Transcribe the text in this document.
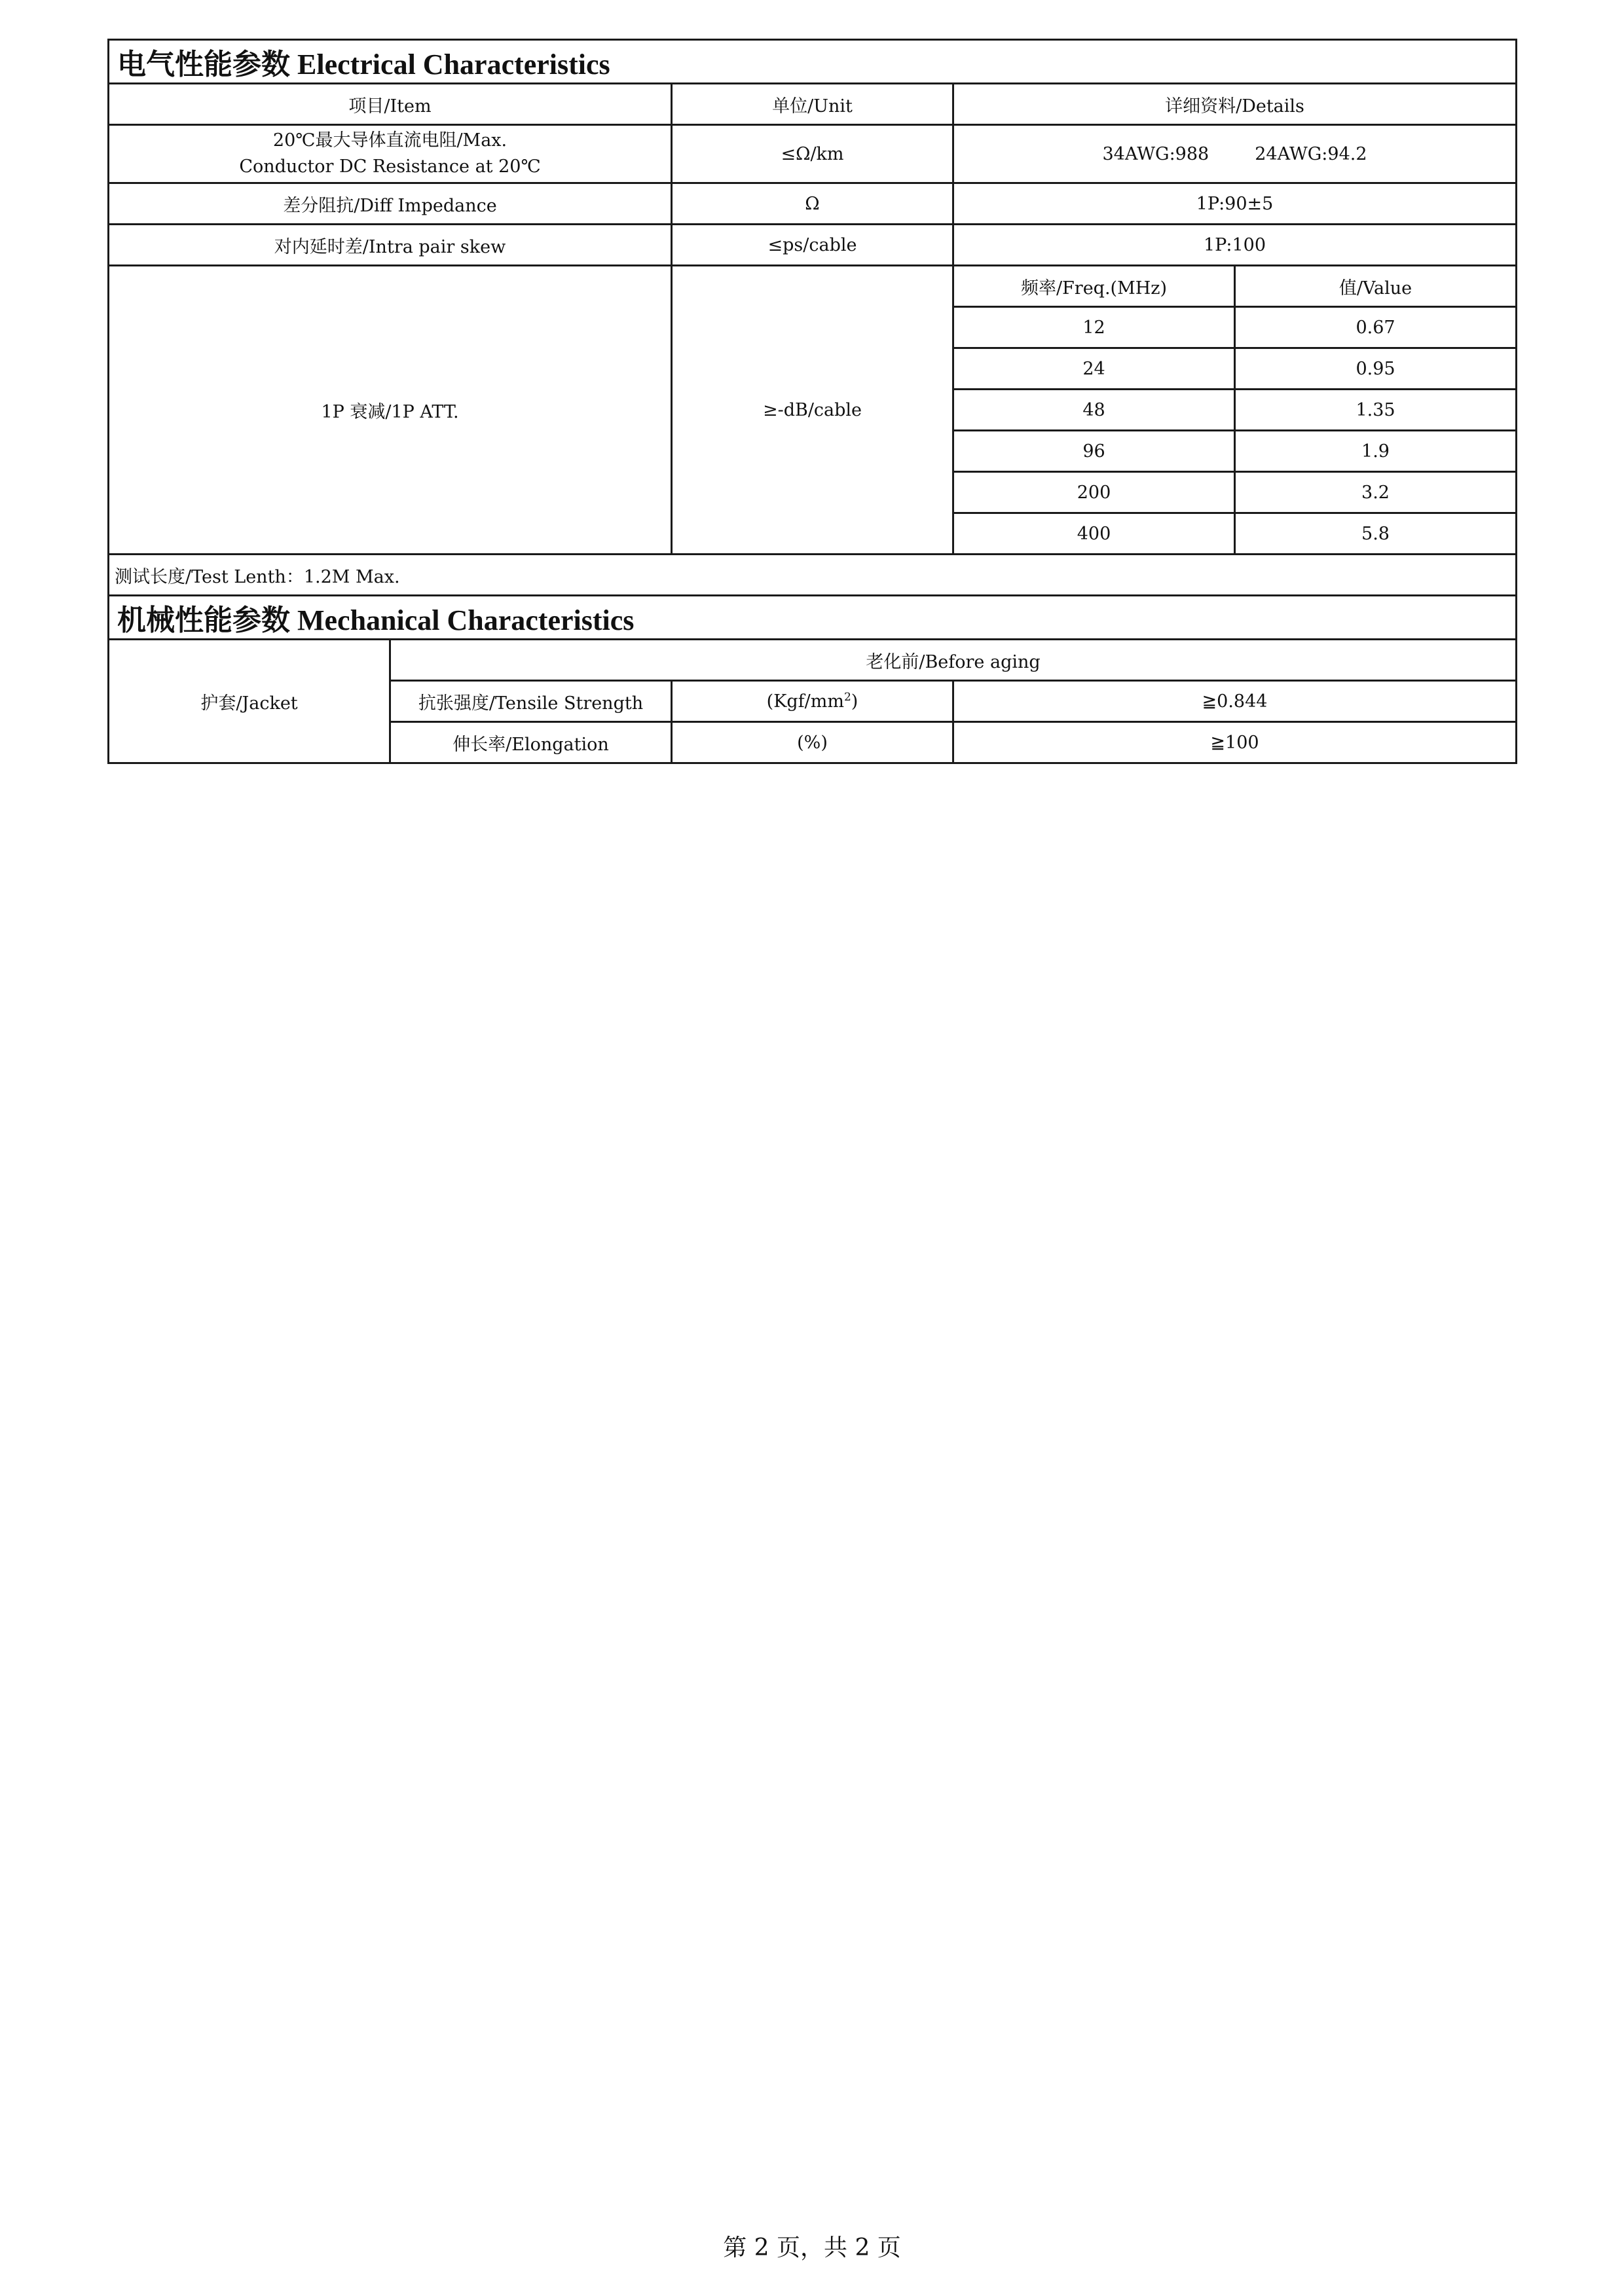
电气性能参数 Electrical Characteristics				
项目/Item		单位/Unit	详细资料/Details	

20℃最大导体直流电阻/Max.
Conductor DC Resistance at 20℃		≤Ω/km	34AWG:988 24AWG:94.2	
差分阻抗/Diff Impedance		Ω	1P:90±5	
对内延时差/Intra pair skew		≤ps/cable	1P:100	
1P 衰减/1P ATT.		≥-dB/cable	频率/Freq.(MHz)	值/Value
			12	0.67
			24	0.95
			48	1.35
			96	1.9
			200	3.2
			400	5.8
测试长度/Test Lenth：1.2M Max.				
机械性能参数 Mechanical Characteristics				
护套/Jacket	老化前/Before aging			
	抗张强度/Tensile Strength	$(Kgf/mm^2)$	≧0.844	
	伸长率/Elongation	(%)	≧100	
第 2 页，共 2 页
